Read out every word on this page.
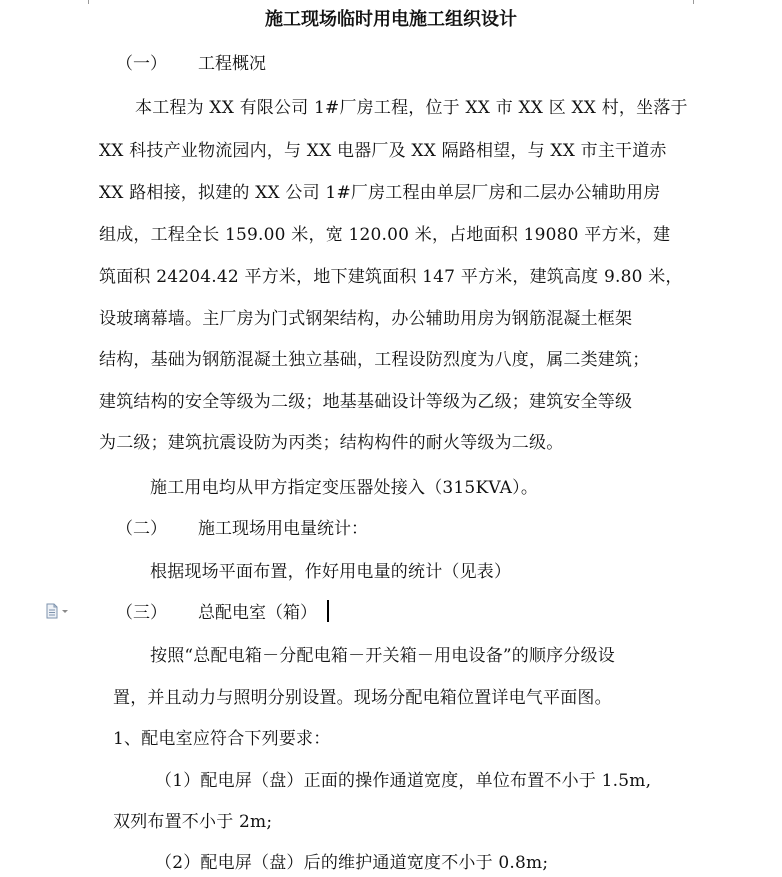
施工现场临时用电施工组织设计
（一） 工程概况
本工程为 XX 有限公司 1#厂房工程，位于 XX 市 XX 区 XX 村，坐落于
XX 科技产业物流园内，与 XX 电器厂及 XX 隔路相望，与 XX 市主干道赤
XX 路相接，拟建的 XX 公司 1#厂房工程由单层厂房和二层办公辅助用房
组成，工程全长 159.00 米，宽 120.00 米，占地面积 19080 平方米，建
筑面积 24204.42 平方米，地下建筑面积 147 平方米，建筑高度 9.80 米，
设玻璃幕墙。主厂房为门式钢架结构，办公辅助用房为钢筋混凝土框架
结构，基础为钢筋混凝土独立基础，工程设防烈度为八度，属二类建筑；
建筑结构的安全等级为二级；地基基础设计等级为乙级；建筑安全等级
为二级；建筑抗震设防为丙类；结构构件的耐火等级为二级。
施工用电均从甲方指定变压器处接入（315KVA）。
（二） 施工现场用电量统计：
根据现场平面布置，作好用电量的统计（见表）
（三） 总配电室（箱）
按照“总配电箱－分配电箱－开关箱－用电设备”的顺序分级设
置，并且动力与照明分别设置。现场分配电箱位置详电气平面图。
1、配电室应符合下列要求：
（1）配电屏（盘）正面的操作通道宽度，单位布置不小于 1.5m,
双列布置不小于 2m;
（2）配电屏（盘）后的维护通道宽度不小于 0.8m;
